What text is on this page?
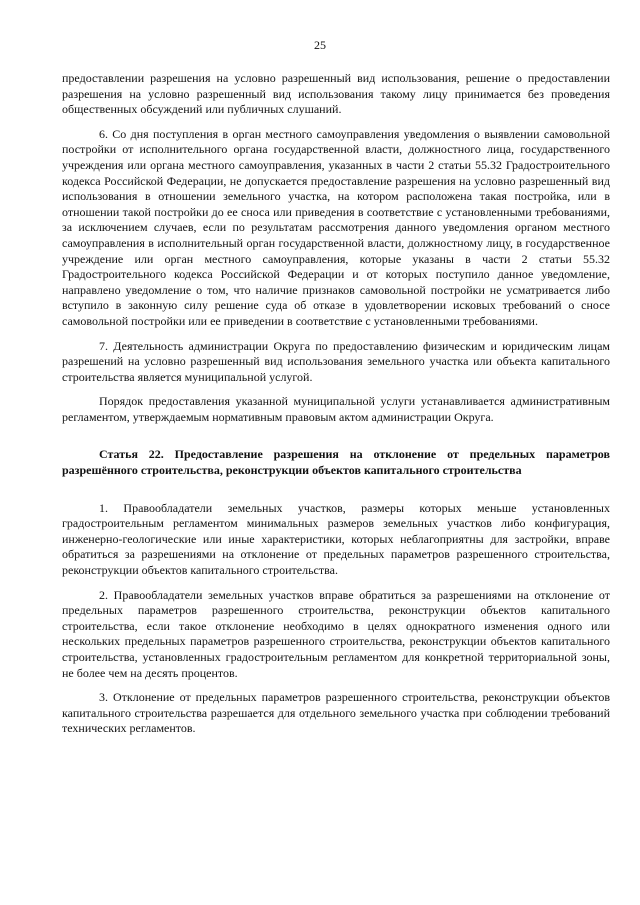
25

предоставлении разрешения на условно разрешенный вид использования, решение о предоставлении разрешения на условно разрешенный вид использования такому лицу принимается без проведения общественных обсуждений или публичных слушаний.

6. Со дня поступления в орган местного самоуправления уведомления о выявлении самовольной постройки от исполнительного органа государственной власти, должностного лица, государственного учреждения или органа местного самоуправления, указанных в части 2 статьи 55.32 Градостроительного кодекса Российской Федерации, не допускается предоставление разрешения на условно разрешенный вид использования в отношении земельного участка, на котором расположена такая постройка, или в отношении такой постройки до ее сноса или приведения в соответствие с установленными требованиями, за исключением случаев, если по результатам рассмотрения данного уведомления органом местного самоуправления в исполнительный орган государственной власти, должностному лицу, в государственное учреждение или орган местного самоуправления, которые указаны в части 2 статьи 55.32 Градостроительного кодекса Российской Федерации и от которых поступило данное уведомление, направлено уведомление о том, что наличие признаков самовольной постройки не усматривается либо вступило в законную силу решение суда об отказе в удовлетворении исковых требований о сносе самовольной постройки или ее приведении в соответствие с установленными требованиями.

7. Деятельность администрации Округа по предоставлению физическим и юридическим лицам разрешений на условно разрешенный вид использования земельного участка или объекта капитального строительства является муниципальной услугой.

Порядок предоставления указанной муниципальной услуги устанавливается административным регламентом, утверждаемым нормативным правовым актом администрации Округа.

Статья 22. Предоставление разрешения на отклонение от предельных параметров разрешённого строительства, реконструкции объектов капитального строительства

1. Правообладатели земельных участков, размеры которых меньше установленных градостроительным регламентом минимальных размеров земельных участков либо конфигурация, инженерно-геологические или иные характеристики, которых неблагоприятны для застройки, вправе обратиться за разрешениями на отклонение от предельных параметров разрешенного строительства, реконструкции объектов капитального строительства.

2. Правообладатели земельных участков вправе обратиться за разрешениями на отклонение от предельных параметров разрешенного строительства, реконструкции объектов капитального строительства, если такое отклонение необходимо в целях однократного изменения одного или нескольких предельных параметров разрешенного строительства, реконструкции объектов капитального строительства, установленных градостроительным регламентом для конкретной территориальной зоны, не более чем на десять процентов.

3. Отклонение от предельных параметров разрешенного строительства, реконструкции объектов капитального строительства разрешается для отдельного земельного участка при соблюдении требований технических регламентов.
